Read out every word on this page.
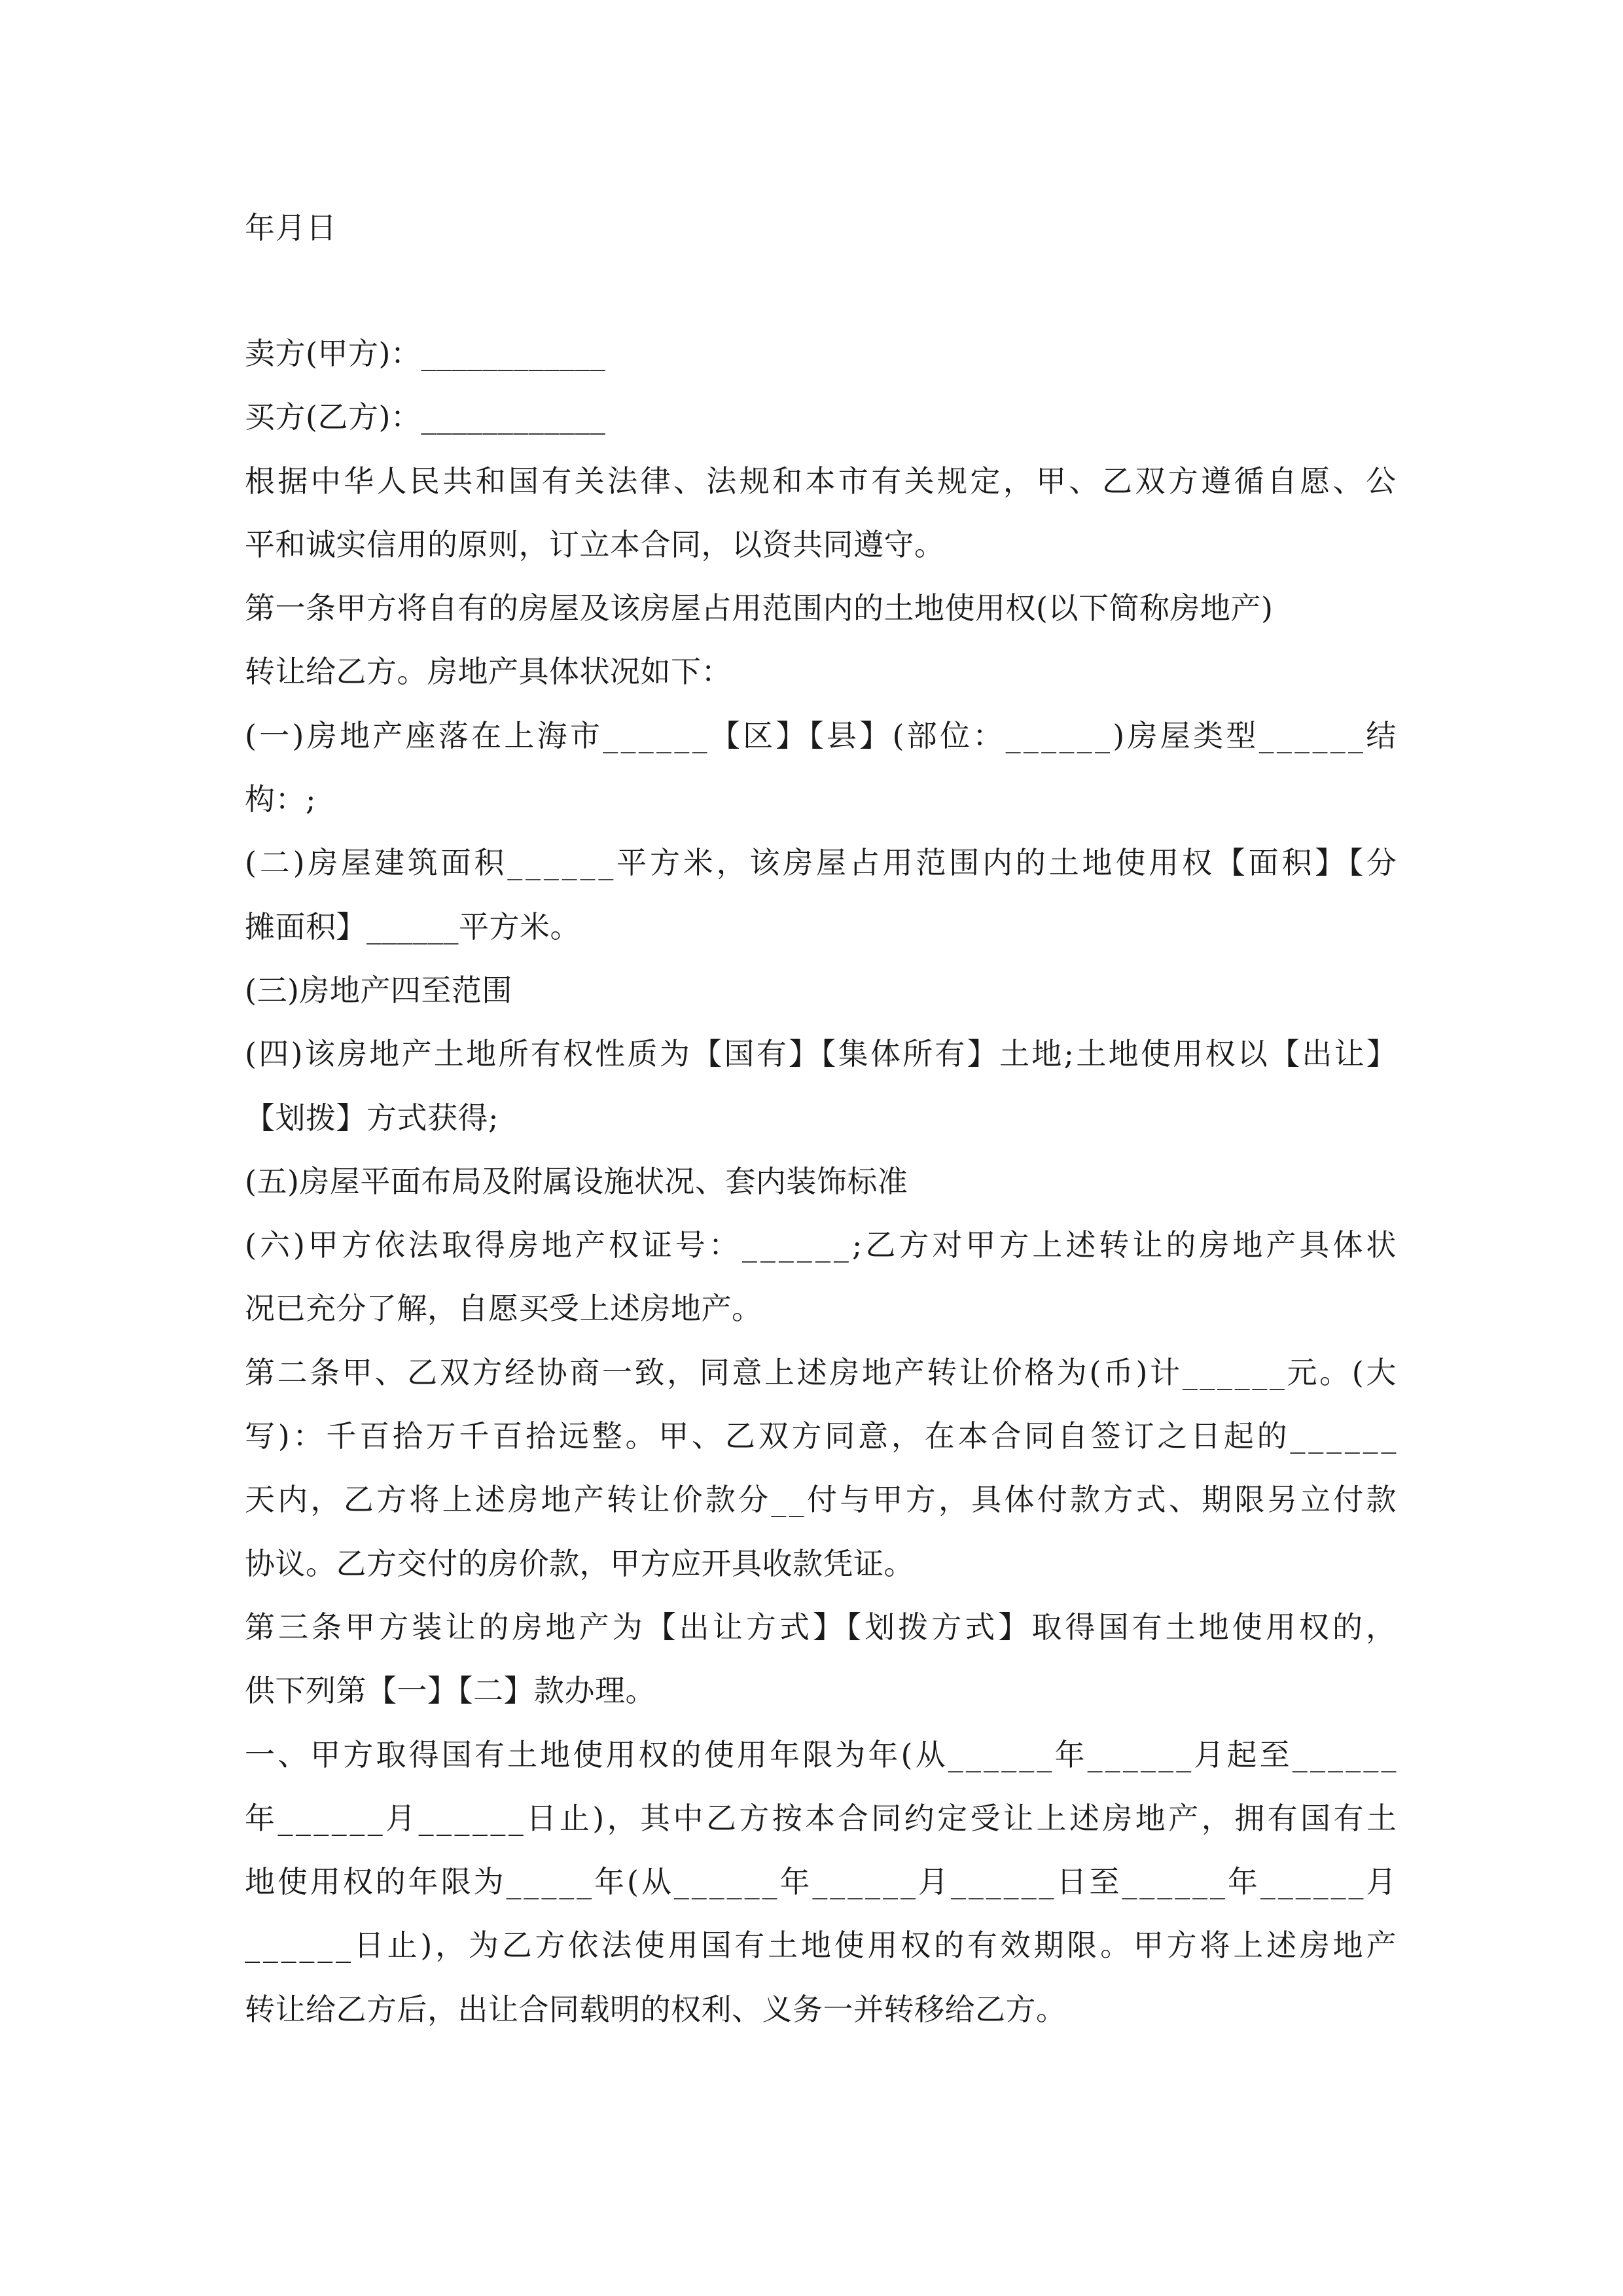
年月日
卖方(甲方)：____________
买方(乙方)：____________
根据中华人民共和国有关法律、法规和本市有关规定，甲、乙双方遵循自愿、公
平和诚实信用的原则，订立本合同，以资共同遵守。
第一条甲方将自有的房屋及该房屋占用范围内的土地使用权(以下简称房地产)
转让给乙方。房地产具体状况如下：
(一)房地产座落在上海市______【区】【县】(部位：______)房屋类型______结
构：;
(二)房屋建筑面积______平方米，该房屋占用范围内的土地使用权【面积】【分
摊面积】______平方米。
(三)房地产四至范围
(四)该房地产土地所有权性质为【国有】【集体所有】土地;土地使用权以【出让】
【划拨】方式获得;
(五)房屋平面布局及附属设施状况、套内装饰标准
(六)甲方依法取得房地产权证号：______;乙方对甲方上述转让的房地产具体状
况已充分了解，自愿买受上述房地产。
第二条甲、乙双方经协商一致，同意上述房地产转让价格为(币)计______元。(大
写)：千百拾万千百拾远整。甲、乙双方同意，在本合同自签订之日起的______
天内，乙方将上述房地产转让价款分__付与甲方，具体付款方式、期限另立付款
协议。乙方交付的房价款，甲方应开具收款凭证。
第三条甲方装让的房地产为【出让方式】【划拨方式】取得国有土地使用权的，
供下列第【一】【二】款办理。
一、甲方取得国有土地使用权的使用年限为年(从______年______月起至______
年______月______日止)，其中乙方按本合同约定受让上述房地产，拥有国有土
地使用权的年限为_____年(从______年______月______日至______年______月
______日止)，为乙方依法使用国有土地使用权的有效期限。甲方将上述房地产
转让给乙方后，出让合同载明的权利、义务一并转移给乙方。
